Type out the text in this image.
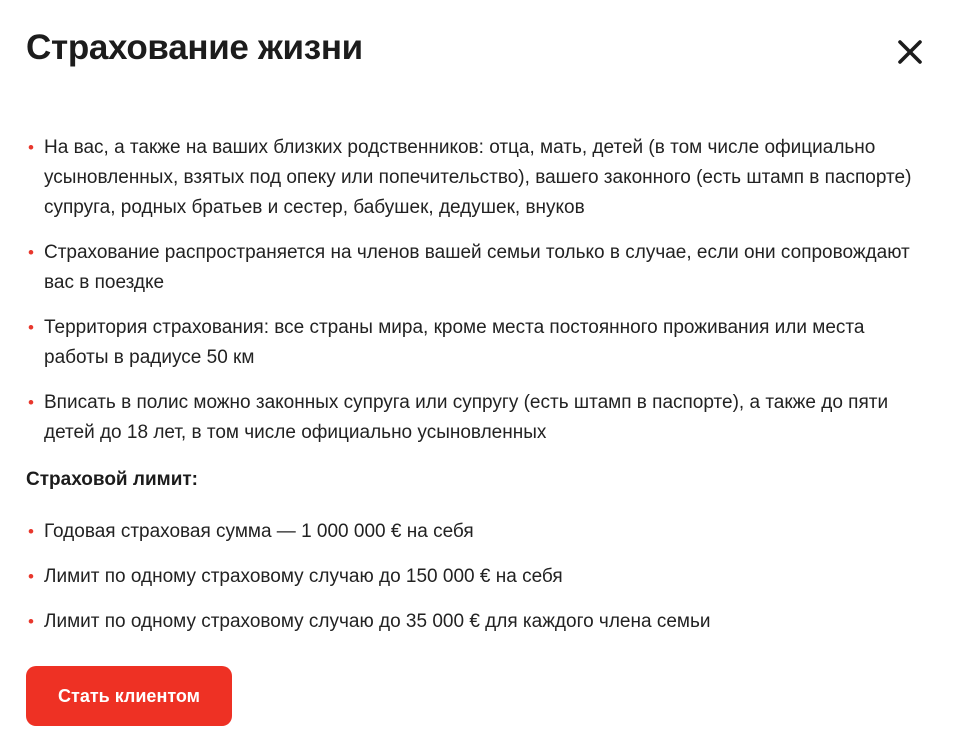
Страхование жизни
• На вас, а также на ваших близких родственников: отца, мать, детей (в том числе официально усыновленных, взятых под опеку или попечительство), вашего законного (есть штамп в паспорте) супруга, родных братьев и сестер, бабушек, дедушек, внуков
• Страхование распространяется на членов вашей семьи только в случае, если они сопровождают вас в поездке
• Территория страхования: все страны мира, кроме места постоянного проживания или места работы в радиусе 50 км
• Вписать в полис можно законных супруга или супругу (есть штамп в паспорте), а также до пяти детей до 18 лет, в том числе официально усыновленных
Страховой лимит:
• Годовая страховая сумма — 1 000 000 € на себя
• Лимит по одному страховому случаю до 150 000 € на себя
• Лимит по одному страховому случаю до 35 000 € для каждого члена семьи
Стать клиентом
